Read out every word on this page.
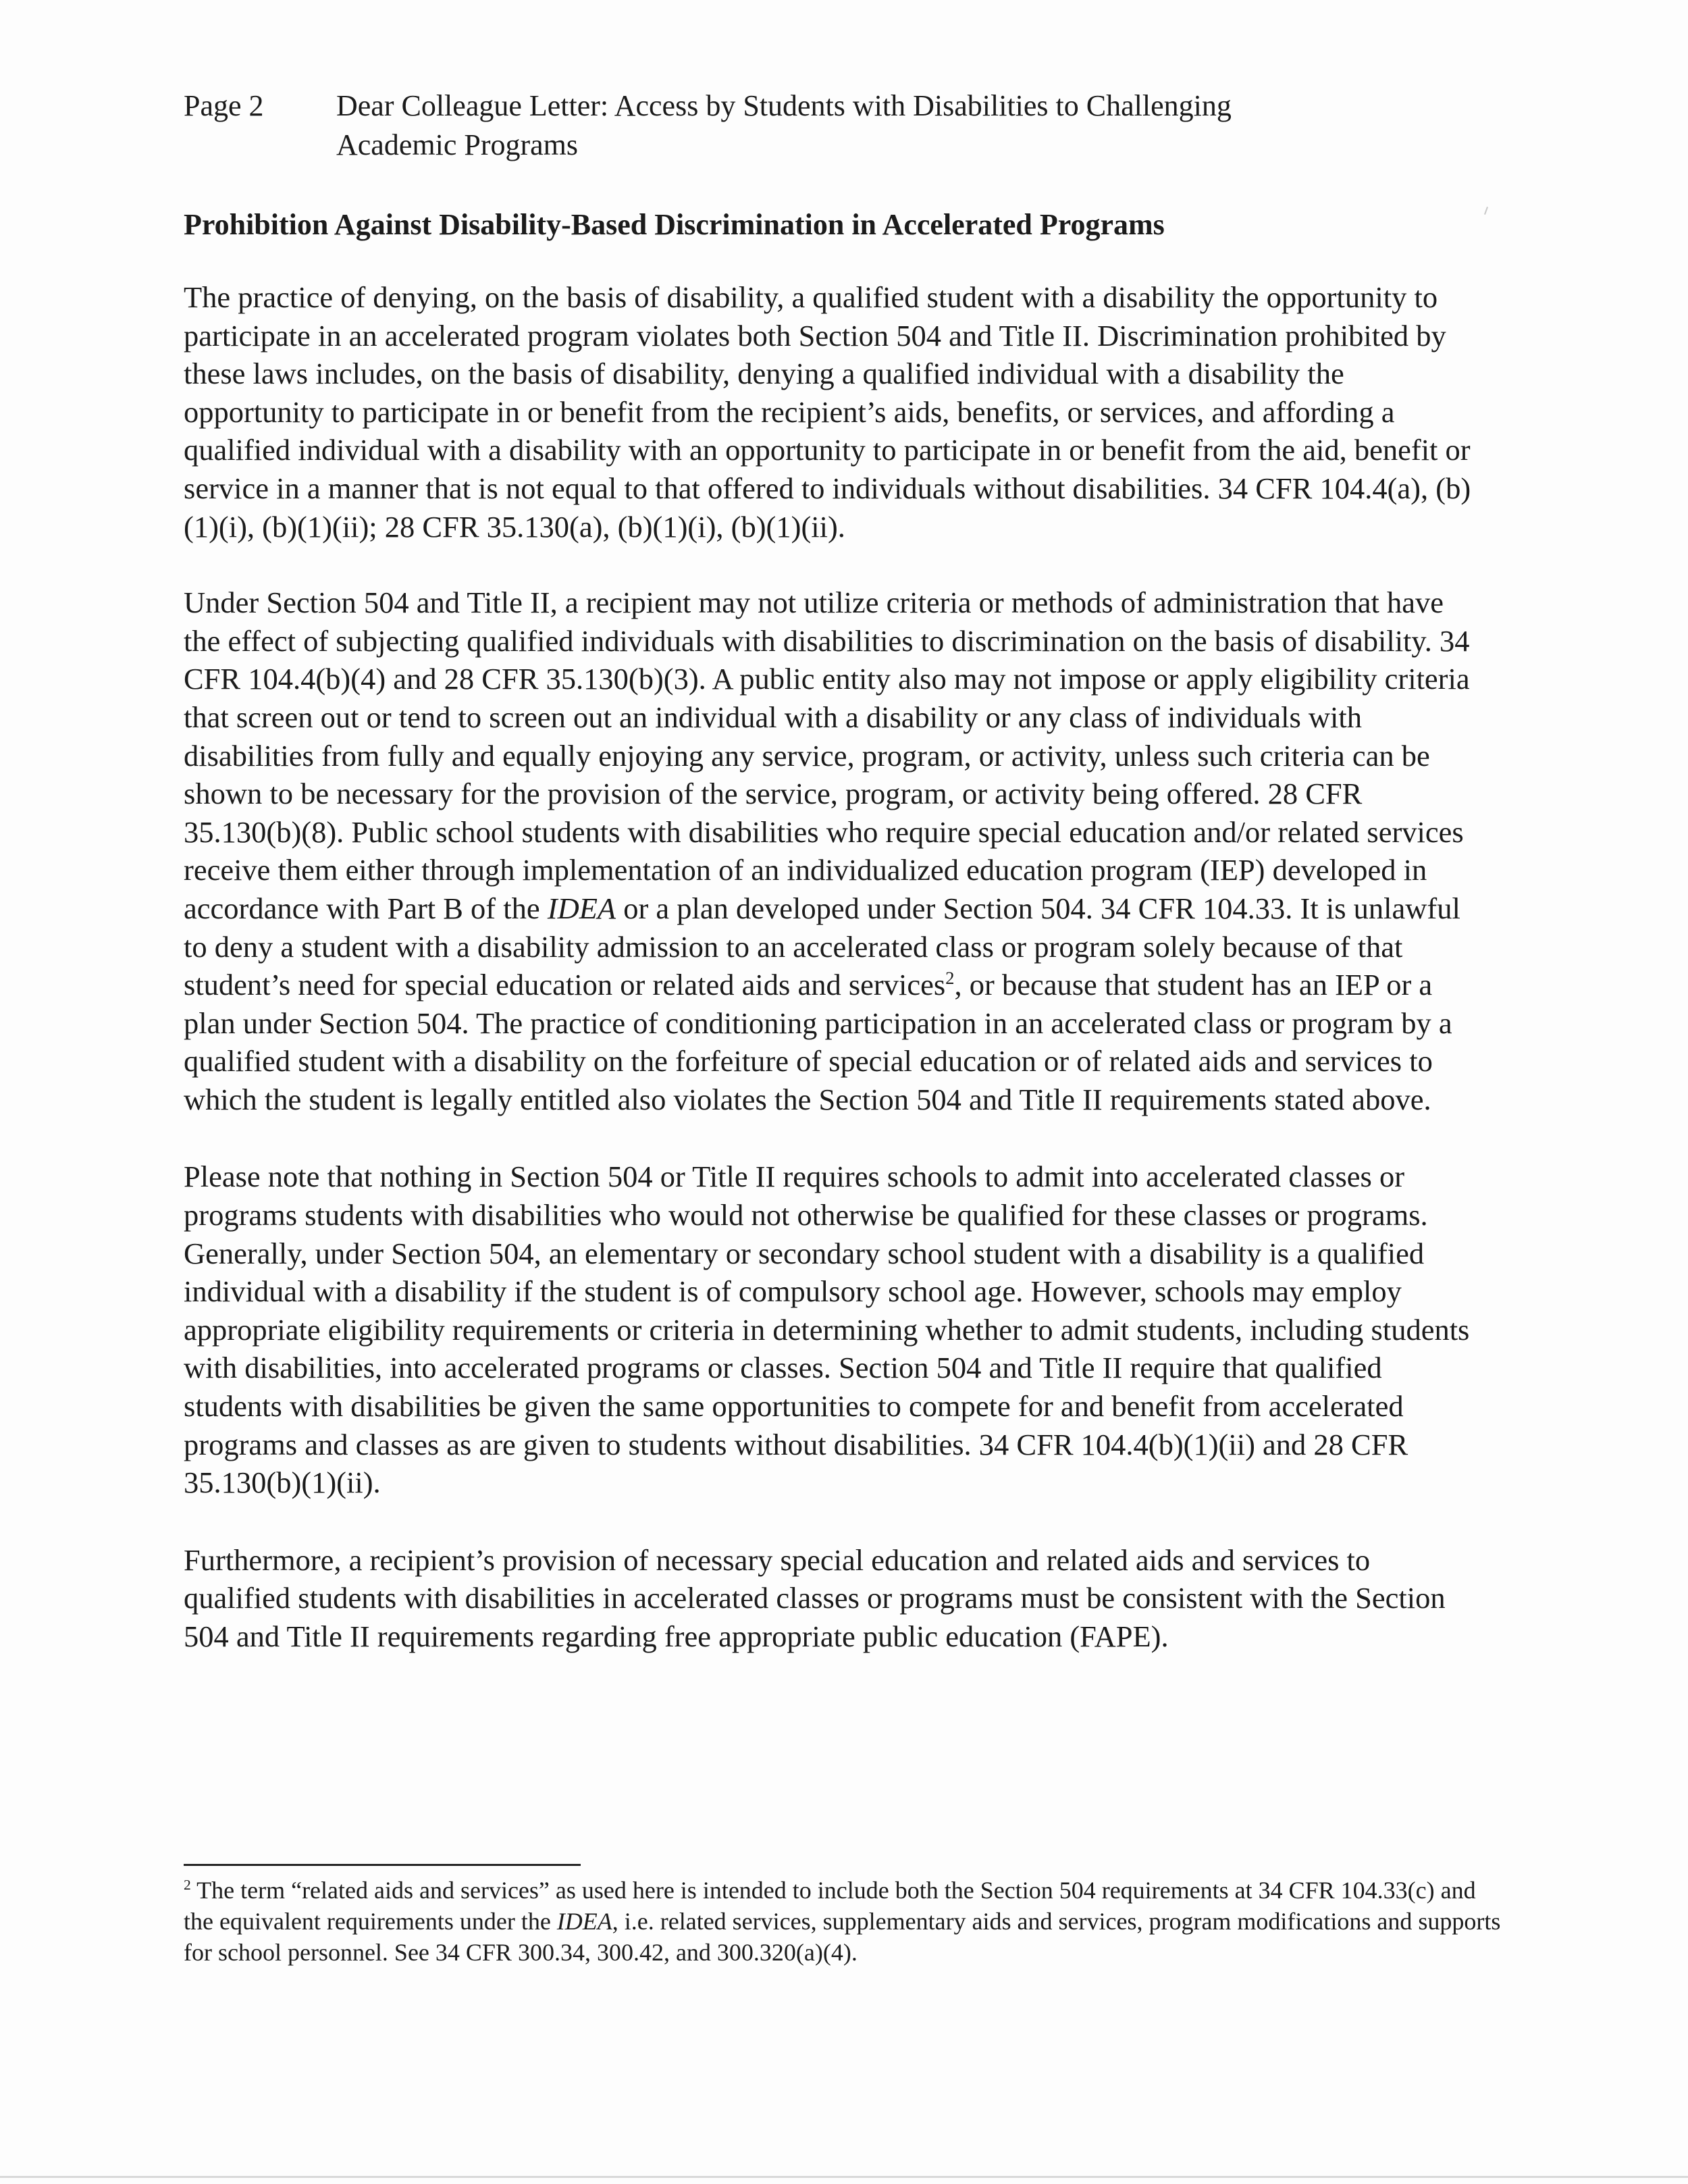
Page 2	Dear Colleague Letter: Access by Students with Disabilities to Challenging
Academic Programs
Prohibition Against Disability-Based Discrimination in Accelerated Programs

The practice of denying, on the basis of disability, a qualified student with a disability the opportunity to participate in an accelerated program violates both Section 504 and Title II. Discrimination prohibited by these laws includes, on the basis of disability, denying a qualified individual with a disability the opportunity to participate in or benefit from the recipient’s aids, benefits, or services, and affording a qualified individual with a disability with an opportunity to participate in or benefit from the aid, benefit or service in a manner that is not equal to that offered to individuals without disabilities. 34 CFR 104.4(a), (b)(1)(i), (b)(1)(ii); 28 CFR 35.130(a), (b)(1)(i), (b)(1)(ii).

Under Section 504 and Title II, a recipient may not utilize criteria or methods of administration that have the effect of subjecting qualified individuals with disabilities to discrimination on the basis of disability. 34 CFR 104.4(b)(4) and 28 CFR 35.130(b)(3). A public entity also may not impose or apply eligibility criteria that screen out or tend to screen out an individual with a disability or any class of individuals with disabilities from fully and equally enjoying any service, program, or activity, unless such criteria can be shown to be necessary for the provision of the service, program, or activity being offered. 28 CFR 35.130(b)(8). Public school students with disabilities who require special education and/or related services receive them either through implementation of an individualized education program (IEP) developed in accordance with Part B of the IDEA or a plan developed under Section 504. 34 CFR 104.33. It is unlawful to deny a student with a disability admission to an accelerated class or program solely because of that student’s need for special education or related aids and services$^2$, or because that student has an IEP or a plan under Section 504. The practice of conditioning participation in an accelerated class or program by a qualified student with a disability on the forfeiture of special education or of related aids and services to which the student is legally entitled also violates the Section 504 and Title II requirements stated above.

Please note that nothing in Section 504 or Title II requires schools to admit into accelerated classes or programs students with disabilities who would not otherwise be qualified for these classes or programs. Generally, under Section 504, an elementary or secondary school student with a disability is a qualified individual with a disability if the student is of compulsory school age. However, schools may employ appropriate eligibility requirements or criteria in determining whether to admit students, including students with disabilities, into accelerated programs or classes. Section 504 and Title II require that qualified students with disabilities be given the same opportunities to compete for and benefit from accelerated programs and classes as are given to students without disabilities. 34 CFR 104.4(b)(1)(ii) and 28 CFR 35.130(b)(1)(ii).

Furthermore, a recipient’s provision of necessary special education and related aids and services to qualified students with disabilities in accelerated classes or programs must be consistent with the Section 504 and Title II requirements regarding free appropriate public education (FAPE).

$^2$ The term “related aids and services” as used here is intended to include both the Section 504 requirements at 34 CFR 104.33(c) and the equivalent requirements under the IDEA, i.e. related services, supplementary aids and services, program modifications and supports for school personnel. See 34 CFR 300.34, 300.42, and 300.320(a)(4).
